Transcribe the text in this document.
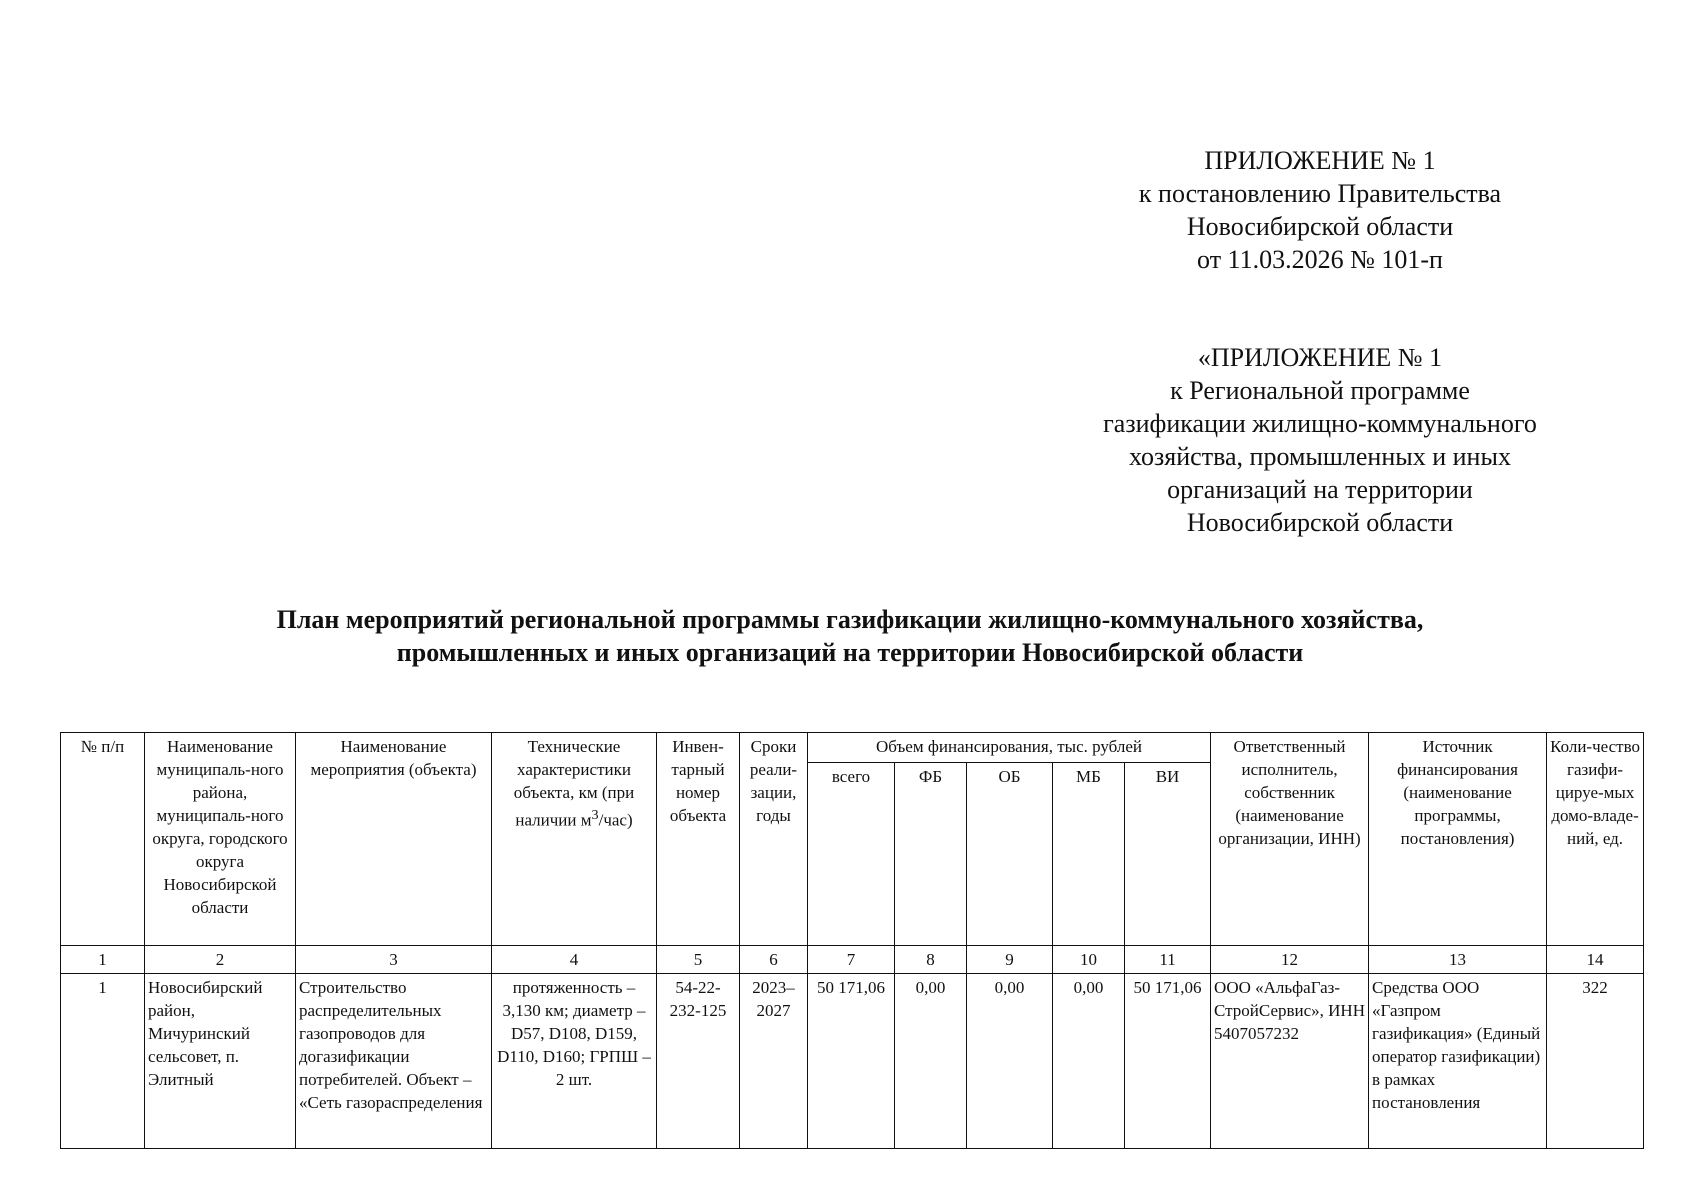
ПРИЛОЖЕНИЕ № 1
к постановлению Правительства
Новосибирской области
от 11.03.2026 № 101-п
«ПРИЛОЖЕНИЕ № 1
к Региональной программе
газификации жилищно-коммунального
хозяйства, промышленных и иных
организаций на территории
Новосибирской области
План мероприятий региональной программы газификации жилищно-коммунального хозяйства,
промышленных и иных организаций на территории Новосибирской области
№ п/п	Наименование муниципаль-ного района, муниципаль-ного округа, городского округа Новосибирской области	Наименование мероприятия (объекта)	Технические характеристики объекта, км (при наличии $м^3/час$)	Инвен-тарный номер объекта	Сроки реали-зации, годы	Объем финансирования, тыс. рублей					Ответственный исполнитель, собственник (наименование организации, ИНН)	Источник финансирования (наименование программы, постановления)	Коли-чество газифи-цируе-мых домо-владе-ний, ед.
						всего	ФБ	ОБ	МБ	ВИ			
1	2	3	4	5	6	7	8	9	10	11	12	13	14
1	Новосибирский район, Мичуринский сельсовет, п. Элитный	Строительство распределительных газопроводов для догазификации потребителей. Объект – «Сеть газораспределения	протяженность – 3,130 км; диаметр – D57, D108, D159, D110, D160; ГРПШ – 2 шт.	54-22-232-125	2023–2027	50 171,06	0,00	0,00	0,00	50 171,06	ООО «АльфаГаз-СтройСервис», ИНН 5407057232	Средства ООО «Газпром газификация» (Единый оператор газификации) в рамках постановления	322
